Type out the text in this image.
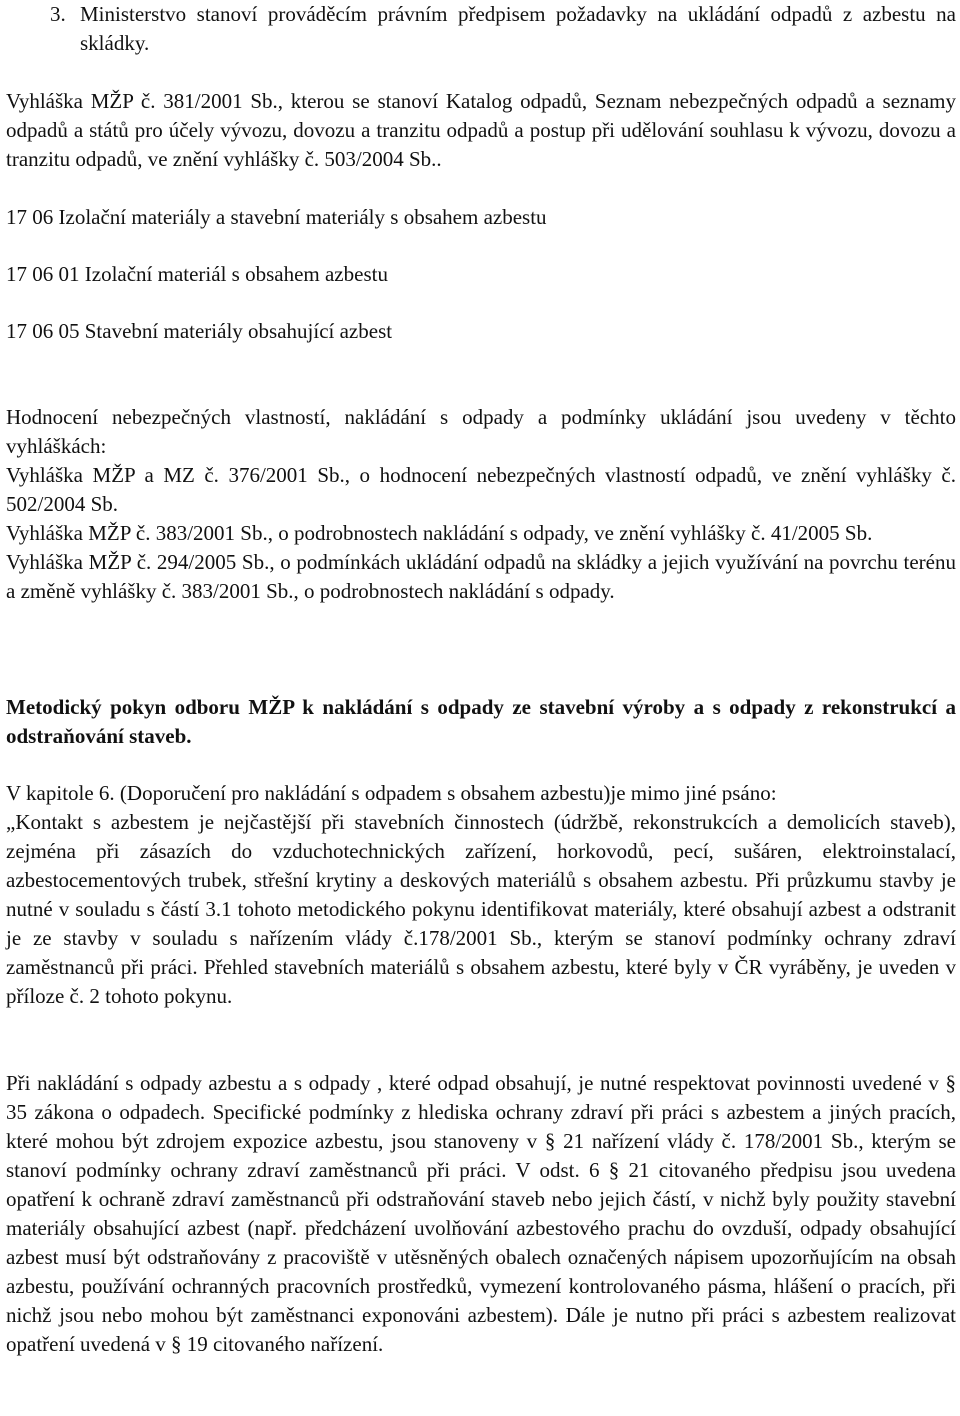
3. Ministerstvo stanoví prováděcím právním předpisem požadavky na ukládání odpadů z azbestu na skládky.
Vyhláška MŽP č. 381/2001 Sb., kterou se stanoví Katalog odpadů, Seznam nebezpečných odpadů a seznamy odpadů a států pro účely vývozu, dovozu a tranzitu odpadů a postup při udělování souhlasu k vývozu, dovozu a tranzitu odpadů, ve znění vyhlášky č. 503/2004 Sb..
17 06 Izolační materiály a stavební materiály s obsahem azbestu
17 06 01 Izolační materiál s obsahem azbestu
17 06 05 Stavební materiály obsahující azbest
Hodnocení nebezpečných vlastností, nakládání s odpady a podmínky ukládání jsou uvedeny v těchto vyhláškách:
Vyhláška MŽP a MZ č. 376/2001 Sb., o hodnocení nebezpečných vlastností odpadů, ve znění vyhlášky č. 502/2004 Sb.
Vyhláška MŽP č. 383/2001 Sb., o podrobnostech nakládání s odpady, ve znění vyhlášky č. 41/2005 Sb.
Vyhláška MŽP č. 294/2005 Sb., o podmínkách ukládání odpadů na skládky a jejich využívání na povrchu terénu a změně vyhlášky č. 383/2001 Sb., o podrobnostech nakládání s odpady.
Metodický pokyn odboru MŽP k nakládání s odpady ze stavební výroby a s odpady z rekonstrukcí a odstraňování staveb.
V kapitole 6. (Doporučení pro nakládání s odpadem s obsahem azbestu)je mimo jiné psáno:
„Kontakt s azbestem je nejčastější při stavebních činnostech (údržbě, rekonstrukcích a demolicích staveb), zejména při zásazích do vzduchotechnických zařízení, horkovodů, pecí, sušáren, elektroinstalací, azbestocementových trubek, střešní krytiny a deskových materiálů s obsahem azbestu. Při průzkumu stavby je nutné v souladu s částí 3.1 tohoto metodického pokynu identifikovat materiály, které obsahují azbest a odstranit je ze stavby v souladu s nařízením vlády č.178/2001 Sb., kterým se stanoví podmínky ochrany zdraví zaměstnanců při práci. Přehled stavebních materiálů s obsahem azbestu, které byly v ČR vyráběny, je uveden v příloze č. 2 tohoto pokynu.
Při nakládání s odpady azbestu a s odpady , které odpad obsahují, je nutné respektovat povinnosti uvedené v § 35 zákona o odpadech. Specifické podmínky z hlediska ochrany zdraví při práci s azbestem a jiných pracích, které mohou být zdrojem expozice azbestu, jsou stanoveny v § 21 nařízení vlády č. 178/2001 Sb., kterým se stanoví podmínky ochrany zdraví zaměstnanců při práci. V odst. 6 § 21 citovaného předpisu jsou uvedena opatření k ochraně zdraví zaměstnanců při odstraňování staveb nebo jejich částí, v nichž byly použity stavební materiály obsahující azbest (např. předcházení uvolňování azbestového prachu do ovzduší, odpady obsahující azbest musí být odstraňovány z pracoviště v utěsněných obalech označených nápisem upozorňujícím na obsah azbestu, používání ochranných pracovních prostředků, vymezení kontrolovaného pásma, hlášení o pracích, při nichž jsou nebo mohou být zaměstnanci exponováni azbestem). Dále je nutno při práci s azbestem realizovat opatření uvedená v § 19 citovaného nařízení.
